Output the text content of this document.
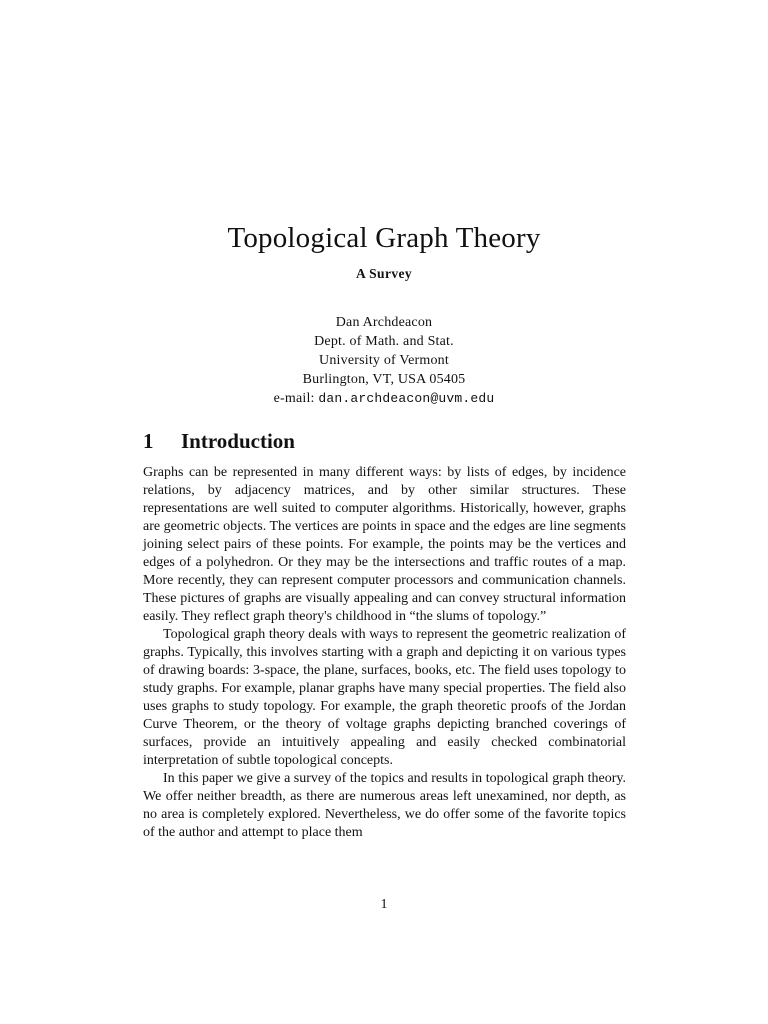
Topological Graph Theory
A Survey
Dan Archdeacon
Dept. of Math. and Stat.
University of Vermont
Burlington, VT, USA 05405
e-mail: dan.archdeacon@uvm.edu
1 Introduction

Graphs can be represented in many different ways: by lists of edges, by incidence relations, by adjacency matrices, and by other similar structures. These representations are well suited to computer algorithms. Historically, however, graphs are geometric objects. The vertices are points in space and the edges are line segments joining select pairs of these points. For example, the points may be the vertices and edges of a polyhedron. Or they may be the intersections and traffic routes of a map. More recently, they can represent computer processors and communication channels. These pictures of graphs are visually appealing and can convey structural information easily. They reflect graph theory's childhood in “the slums of topology.”

Topological graph theory deals with ways to represent the geometric realization of graphs. Typically, this involves starting with a graph and depicting it on various types of drawing boards: 3-space, the plane, surfaces, books, etc. The field uses topology to study graphs. For example, planar graphs have many special properties. The field also uses graphs to study topology. For example, the graph theoretic proofs of the Jordan Curve Theorem, or the theory of voltage graphs depicting branched coverings of surfaces, provide an intuitively appealing and easily checked combinatorial interpretation of subtle topological concepts.

In this paper we give a survey of the topics and results in topological graph theory. We offer neither breadth, as there are numerous areas left unexamined, nor depth, as no area is completely explored. Nevertheless, we do offer some of the favorite topics of the author and attempt to place them

1
